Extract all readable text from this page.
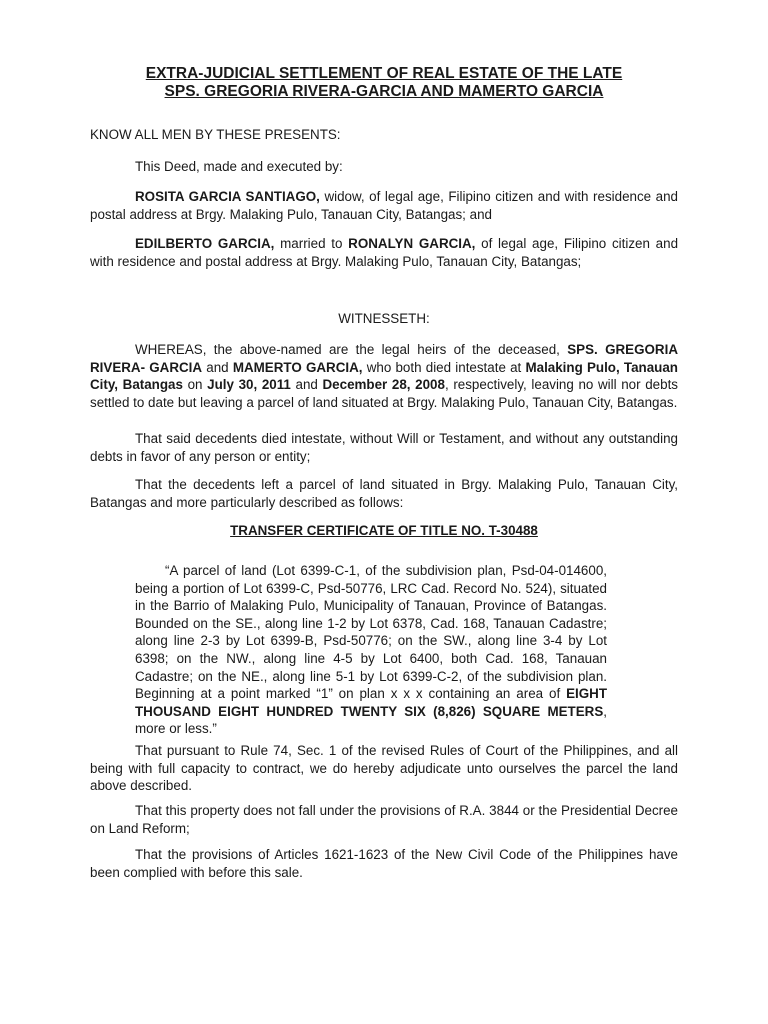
EXTRA-JUDICIAL SETTLEMENT OF REAL ESTATE OF THE LATE
SPS. GREGORIA RIVERA-GARCIA AND MAMERTO GARCIA

KNOW ALL MEN BY THESE PRESENTS:

This Deed, made and executed by:

ROSITA GARCIA SANTIAGO, widow, of legal age, Filipino citizen and with residence and postal address at Brgy. Malaking Pulo, Tanauan City, Batangas; and

EDILBERTO GARCIA, married to RONALYN GARCIA, of legal age, Filipino citizen and with residence and postal address at Brgy. Malaking Pulo, Tanauan City, Batangas;

WITNESSETH:

WHEREAS, the above-named are the legal heirs of the deceased, SPS. GREGORIA RIVERA- GARCIA and MAMERTO GARCIA, who both died intestate at Malaking Pulo, Tanauan City, Batangas on July 30, 2011 and December 28, 2008, respectively, leaving no will nor debts settled to date but leaving a parcel of land situated at Brgy. Malaking Pulo, Tanauan City, Batangas.

That said decedents died intestate, without Will or Testament, and without any outstanding debts in favor of any person or entity;

That the decedents left a parcel of land situated in Brgy. Malaking Pulo, Tanauan City, Batangas and more particularly described as follows:

TRANSFER CERTIFICATE OF TITLE NO. T-30488

“A parcel of land (Lot 6399-C-1, of the subdivision plan, Psd-04-014600, being a portion of Lot 6399-C, Psd-50776, LRC Cad. Record No. 524), situated in the Barrio of Malaking Pulo, Municipality of Tanauan, Province of Batangas. Bounded on the SE., along line 1-2 by Lot 6378, Cad. 168, Tanauan Cadastre; along line 2-3 by Lot 6399-B, Psd-50776; on the SW., along line 3-4 by Lot 6398; on the NW., along line 4-5 by Lot 6400, both Cad. 168, Tanauan Cadastre; on the NE., along line 5-1 by Lot 6399-C-2, of the subdivision plan. Beginning at a point marked “1” on plan x x x containing an area of EIGHT THOUSAND EIGHT HUNDRED TWENTY SIX (8,826) SQUARE METERS, more or less.”

That pursuant to Rule 74, Sec. 1 of the revised Rules of Court of the Philippines, and all being with full capacity to contract, we do hereby adjudicate unto ourselves the parcel the land above described.

That this property does not fall under the provisions of R.A. 3844 or the Presidential Decree on Land Reform;

That the provisions of Articles 1621-1623 of the New Civil Code of the Philippines have been complied with before this sale.
